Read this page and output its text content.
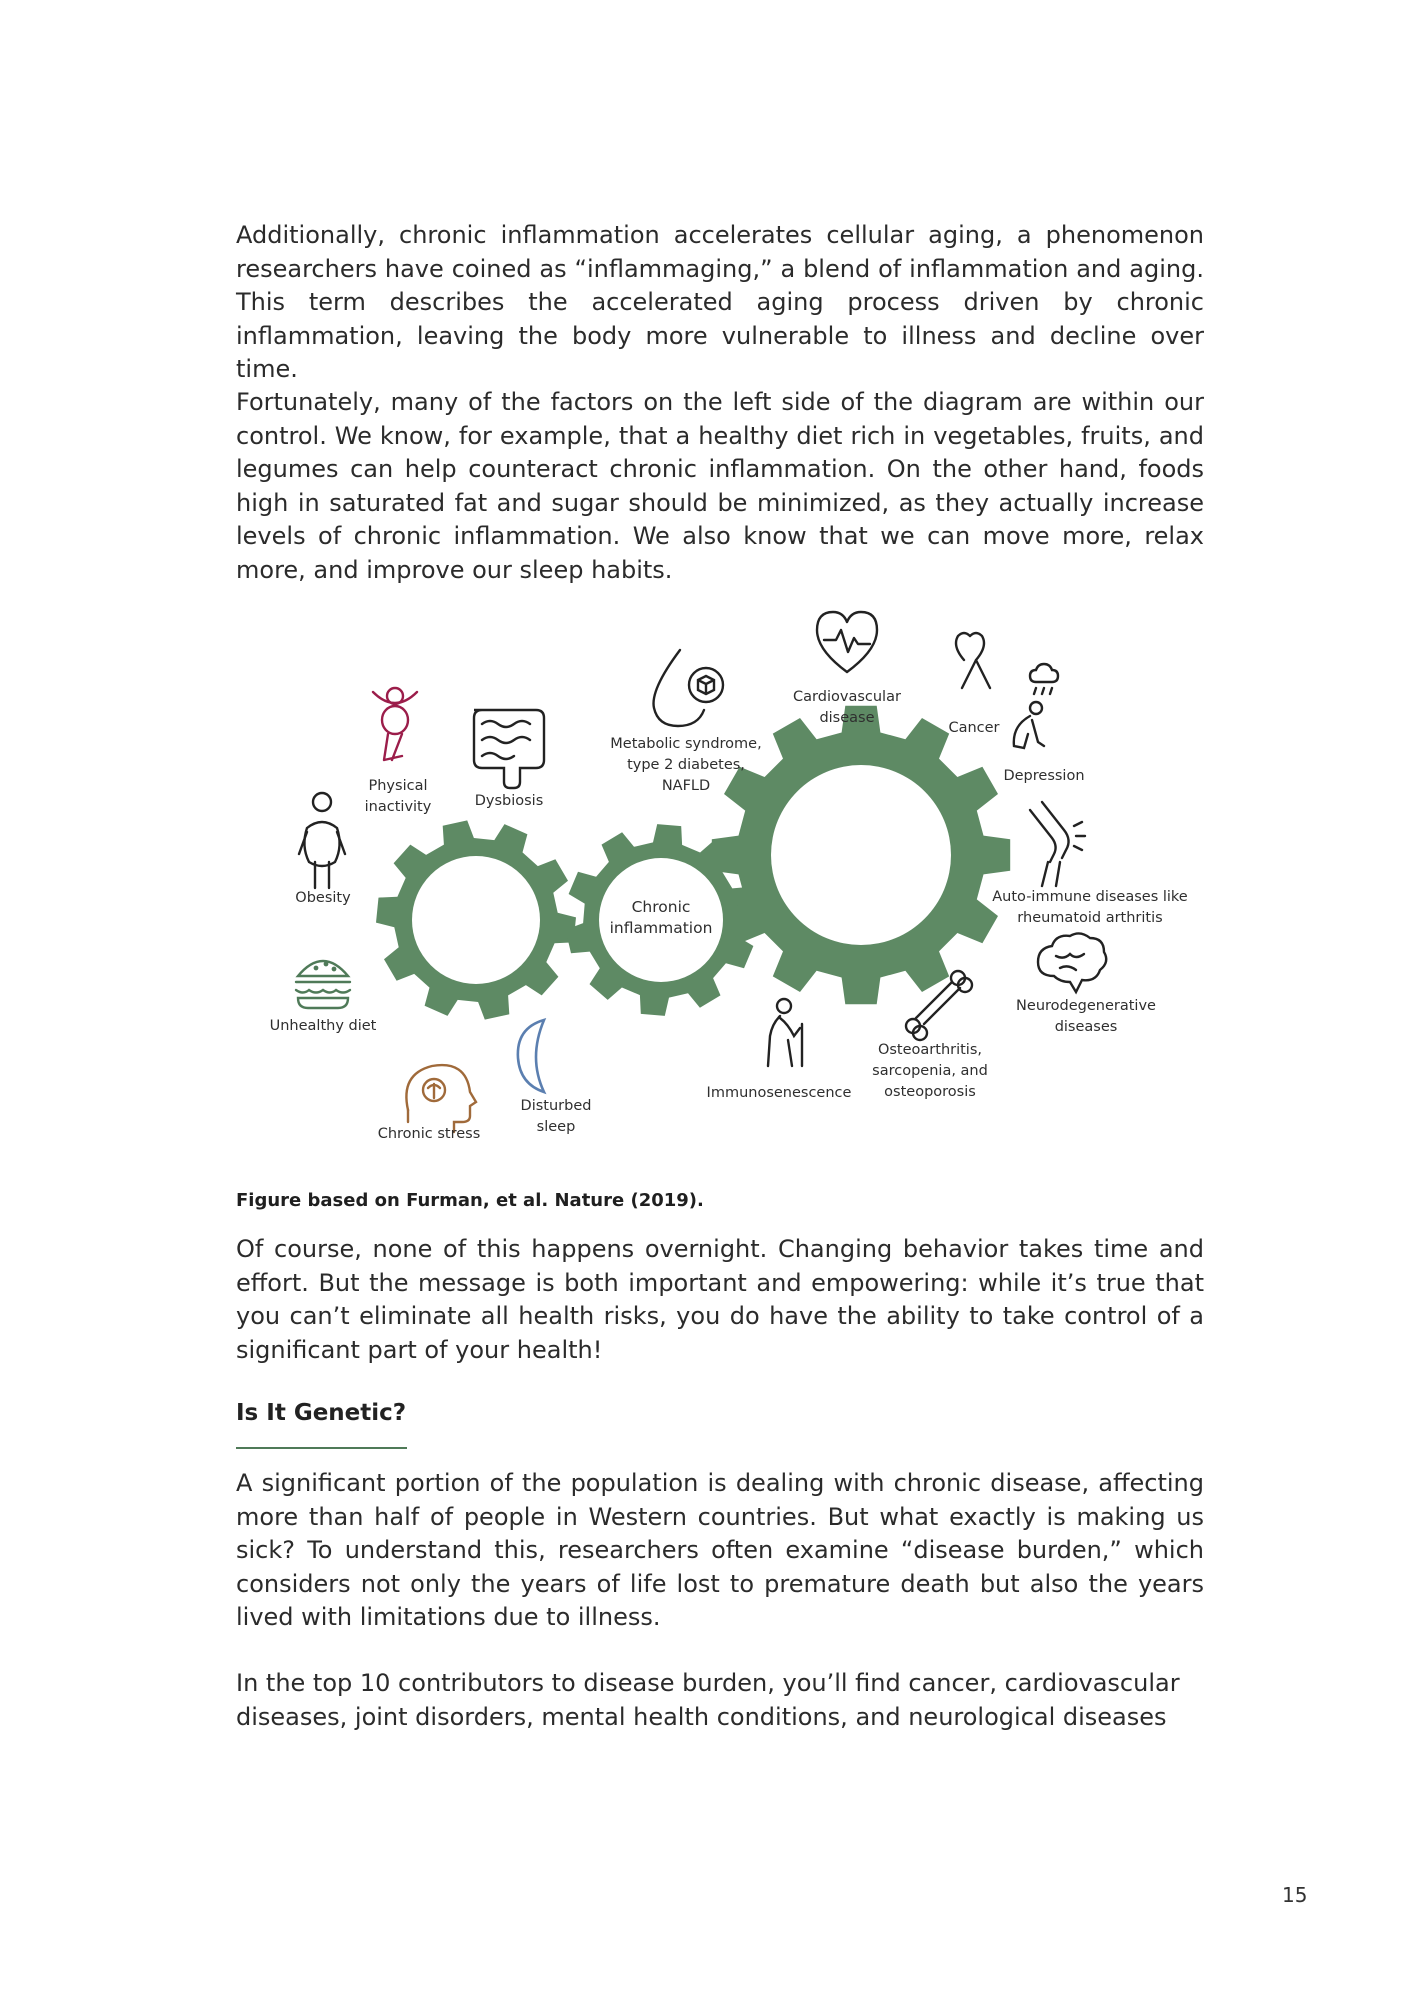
Additionally, chronic inflammation accelerates cellular aging, a phenomenon researchers have coined as “inflammaging,” a blend of inflammation and aging. This term describes the accelerated aging process driven by chronic inflammation, leaving the body more vulnerable to illness and decline over time.

Fortunately, many of the factors on the left side of the diagram are within our control. We know, for example, that a healthy diet rich in vegetables, fruits, and legumes can help counteract chronic inflammation. On the other hand, foods high in saturated fat and sugar should be minimized, as they actually increase levels of chronic inflammation. We also know that we can move more, relax more, and improve our sleep habits.

Chronic
inflammation
Obesity
Physical
inactivity	Dysbiosis
Unhealthy diet
Chronic stress
Disturbed
sleep
Metabolic syndrome,
type 2 diabetes,
NAFLD
Cardiovascular
disease
Cancer
Depression
Auto-immune diseases like
rheumatoid arthritis
Neurodegenerative
diseases
Osteoarthritis,
sarcopenia, and
osteoporosis
Immunosenescence
Figure based on Furman, et al. Nature (2019).

Of course, none of this happens overnight. Changing behavior takes time and effort. But the message is both important and empowering: while it’s true that you can’t eliminate all health risks, you do have the ability to take control of a significant part of your health!

Is It Genetic?

A significant portion of the population is dealing with chronic disease, affecting more than half of people in Western countries. But what exactly is making us sick? To understand this, researchers often examine “disease burden,” which considers not only the years of life lost to premature death but also the years lived with limitations due to illness.

In the top 10 contributors to disease burden, you’ll find cancer, cardiovascular diseases, joint disorders, mental health conditions, and neurological diseases

15
